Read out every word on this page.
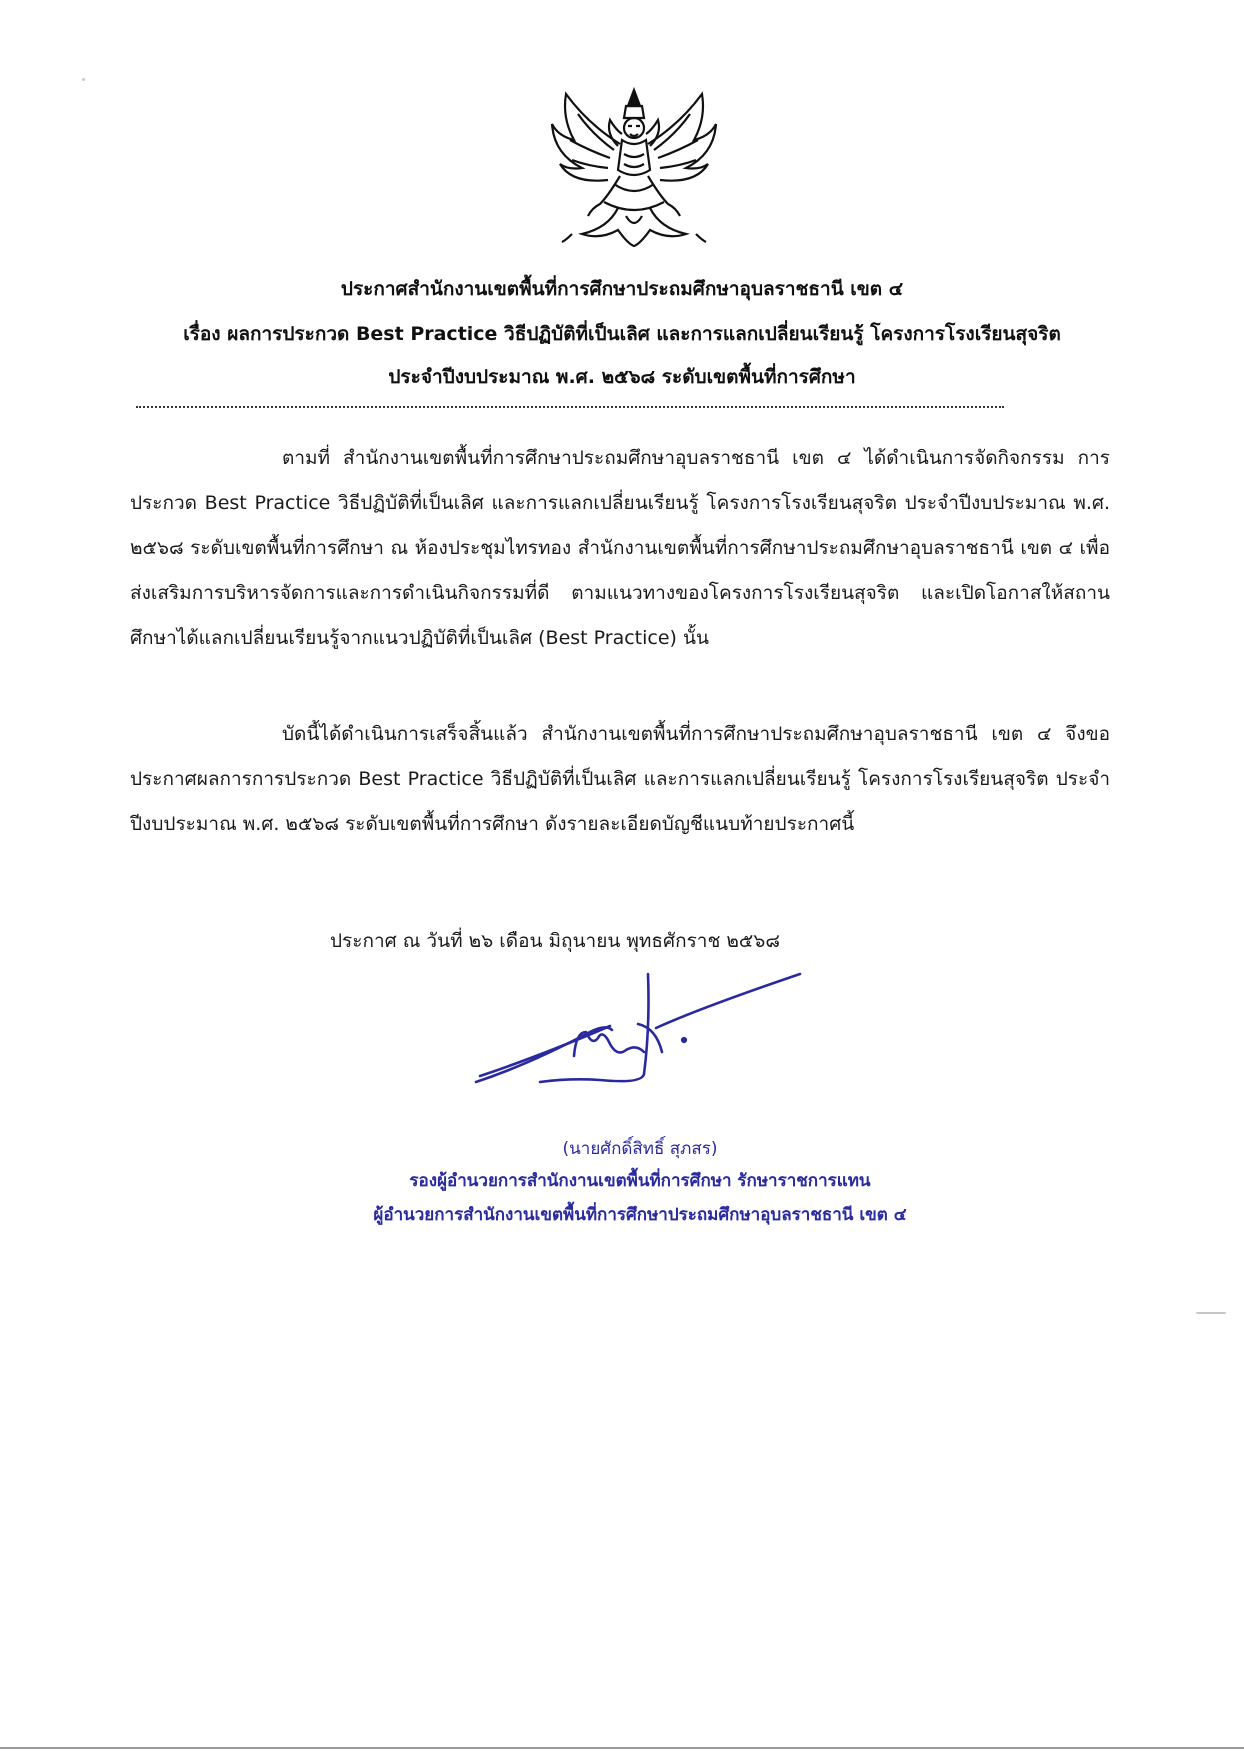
ประกาศสำนักงานเขตพื้นที่การศึกษาประถมศึกษาอุบลราชธานี เขต ๔
เรื่อง ผลการประกวด Best Practice วิธีปฏิบัติที่เป็นเลิศ และการแลกเปลี่ยนเรียนรู้ โครงการโรงเรียนสุจริต
ประจำปีงบประมาณ พ.ศ. ๒๕๖๘ ระดับเขตพื้นที่การศึกษา

ตามที่ สำนักงานเขตพื้นที่การศึกษาประถมศึกษาอุบลราชธานี เขต ๔ ได้ดำเนินการจัดกิจกรรม การประกวด Best Practice วิธีปฏิบัติที่เป็นเลิศ และการแลกเปลี่ยนเรียนรู้ โครงการโรงเรียนสุจริต ประจำปีงบประมาณ พ.ศ. ๒๕๖๘ ระดับเขตพื้นที่การศึกษา ณ ห้องประชุมไทรทอง สำนักงานเขตพื้นที่การศึกษาประถมศึกษาอุบลราชธานี เขต ๔ เพื่อส่งเสริมการบริหารจัดการและการดำเนินกิจกรรมที่ดี ตามแนวทางของโครงการโรงเรียนสุจริต และเปิดโอกาสให้สถานศึกษาได้แลกเปลี่ยนเรียนรู้จากแนวปฏิบัติที่เป็นเลิศ (Best Practice) นั้น

บัดนี้ได้ดำเนินการเสร็จสิ้นแล้ว สำนักงานเขตพื้นที่การศึกษาประถมศึกษาอุบลราชธานี เขต ๔ จึงขอประกาศผลการการประกวด Best Practice วิธีปฏิบัติที่เป็นเลิศ และการแลกเปลี่ยนเรียนรู้ โครงการโรงเรียนสุจริต ประจำปีงบประมาณ พ.ศ. ๒๕๖๘ ระดับเขตพื้นที่การศึกษา ดังรายละเอียดบัญชีแนบท้ายประกาศนี้

ประกาศ ณ วันที่ ๒๖ เดือน มิถุนายน พุทธศักราช ๒๕๖๘
(นายศักดิ์สิทธิ์ สุภสร)
รองผู้อำนวยการสำนักงานเขตพื้นที่การศึกษา รักษาราชการแทน
ผู้อำนวยการสำนักงานเขตพื้นที่การศึกษาประถมศึกษาอุบลราชธานี เขต ๔
